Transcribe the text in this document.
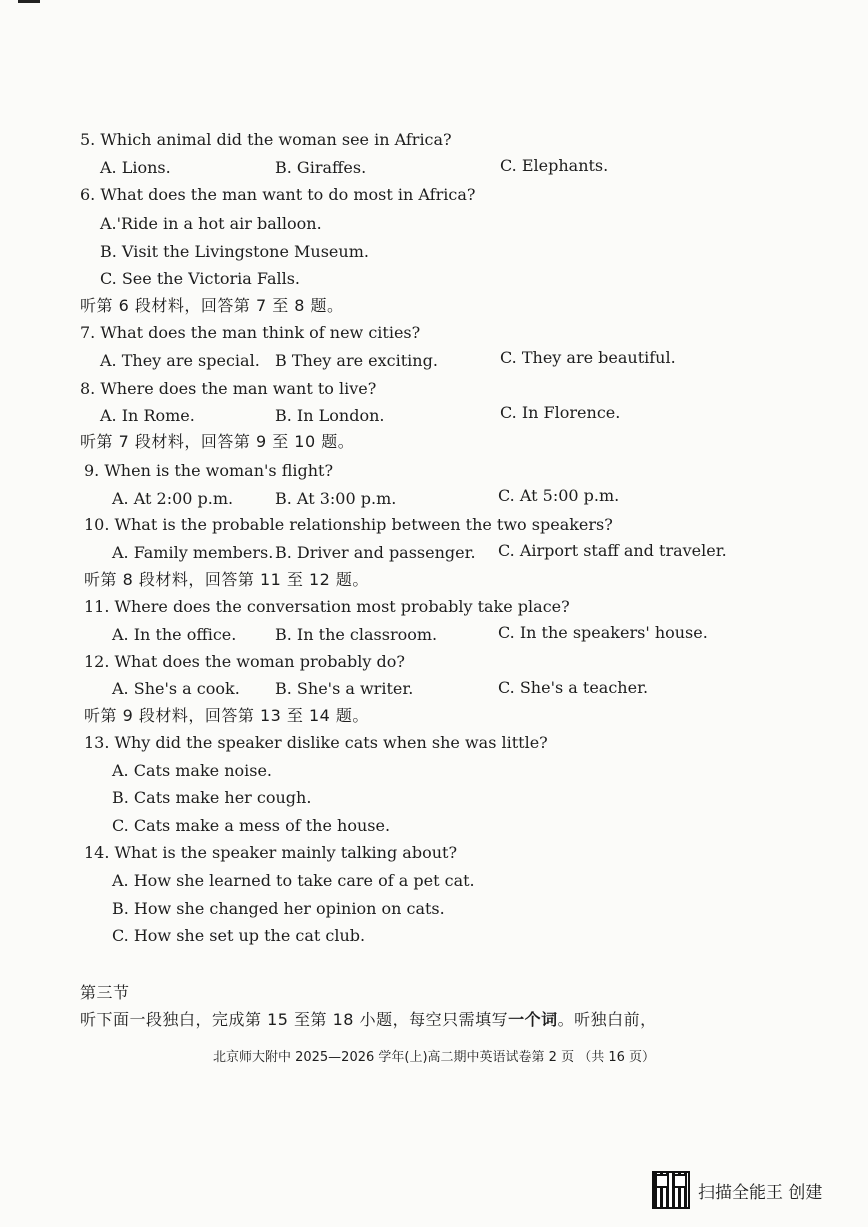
5. Which animal did the woman see in Africa?
A. Lions.	B. Giraffes.	C. Elephants.
6. What does the man want to do most in Africa?
A.'Ride in a hot air balloon.
B. Visit the Livingstone Museum.
C. See the Victoria Falls.
听第 6 段材料，回答第 7 至 8 题。
7. What does the man think of new cities?
A. They are special. B They are exciting.	C. They are beautiful.
8. Where does the man want to live?
A. In Rome.	B. In London.	C. In Florence.
听第 7 段材料，回答第 9 至 10 题。
9. When is the woman's flight?
A. At 2:00 p.m.	B. At 3:00 p.m.	C. At 5:00 p.m.
10. What is the probable relationship between the two speakers?
A. Family members. B. Driver and passenger. C. Airport staff and traveler.
听第 8 段材料，回答第 11 至 12 题。
11. Where does the conversation most probably take place?
A. In the office. B. In the classroom.	C. In the speakers' house.
12. What does the woman probably do?
A. She's a cook. B. She's a writer.	C. She's a teacher.
听第 9 段材料，回答第 13 至 14 题。
13. Why did the speaker dislike cats when she was little?
A. Cats make noise.
B. Cats make her cough.
C. Cats make a mess of the house.
14. What is the speaker mainly talking about?
A. How she learned to take care of a pet cat.
B. How she changed her opinion on cats.
C. How she set up the cat club.
第三节
听下面一段独白，完成第 15 至第 18 小题，每空只需填写一个词。听独白前，
北京师大附中 2025—2026 学年(上)高二期中英语试卷第 2 页 （共 16 页）
扫描全能王 创建
